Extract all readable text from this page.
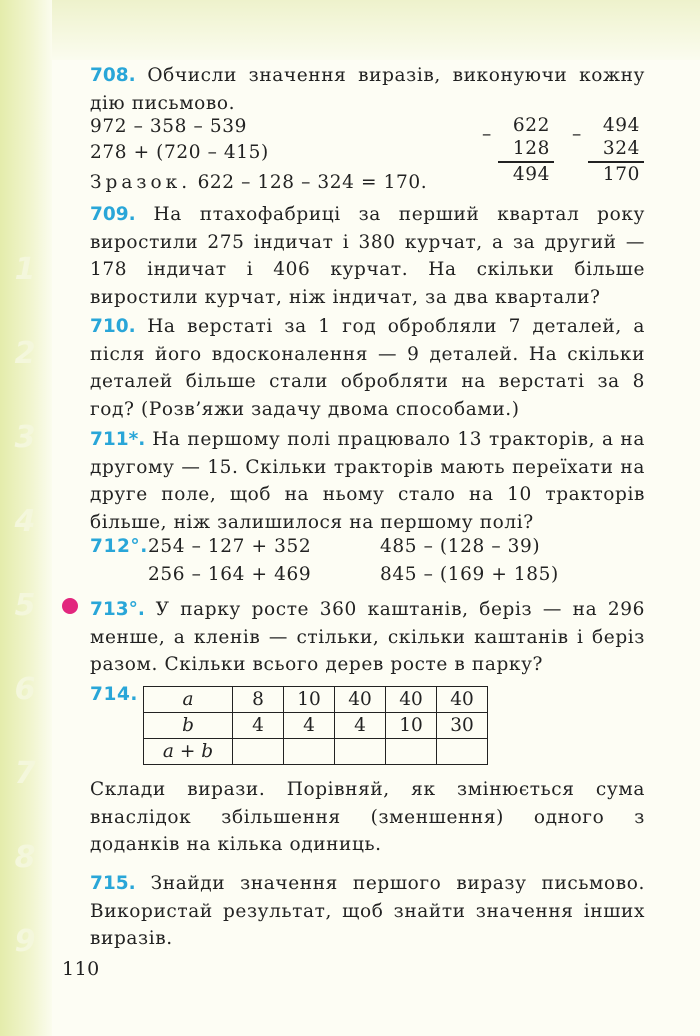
1
2
3
4
5
6
7
8
9
708. Обчисли значення виразів, виконуючи кожну дію письмово.
972 – 358 – 539
278 + (720 – 415)
Зразок. 622 – 128 – 324 = 170.
–	622
128
494
–	494
324
170
709. На птахофабриці за перший квартал року виростили 275 індичат і 380 курчат, а за другий — 178 індичат і 406 курчат. На скільки більше виростили курчат, ніж індичат, за два квартали?
710. На верстаті за 1 год обробляли 7 деталей, а після його вдосконалення — 9 деталей. На скільки деталей більше стали обробляти на верстаті за 8 год? (Розв’яжи задачу двома способами.)
711*. На першому полі працювало 13 тракторів, а на другому — 15. Скільки тракторів мають переїхати на друге поле, щоб на ньому стало на 10 тракторів більше, ніж залишилося на першому полі?
712°. 254 – 127 + 352	485 – (128 – 39)
256 – 164 + 469	845 – (169 + 185)
713°. У парку росте 360 каштанів, беріз — на 296 менше, а кленів — стільки, скільки каштанів і беріз разом. Скільки всього дерев росте в парку?
714. a	8	10	40	40	40
b	4	4	4	10	30
a + b					
Склади вирази. Порівняй, як змінюється сума внаслідок збільшення (зменшення) одного з доданків на кілька одиниць.
715. Знайди значення першого виразу письмово. Використай результат, щоб знайти значення інших виразів.
110
